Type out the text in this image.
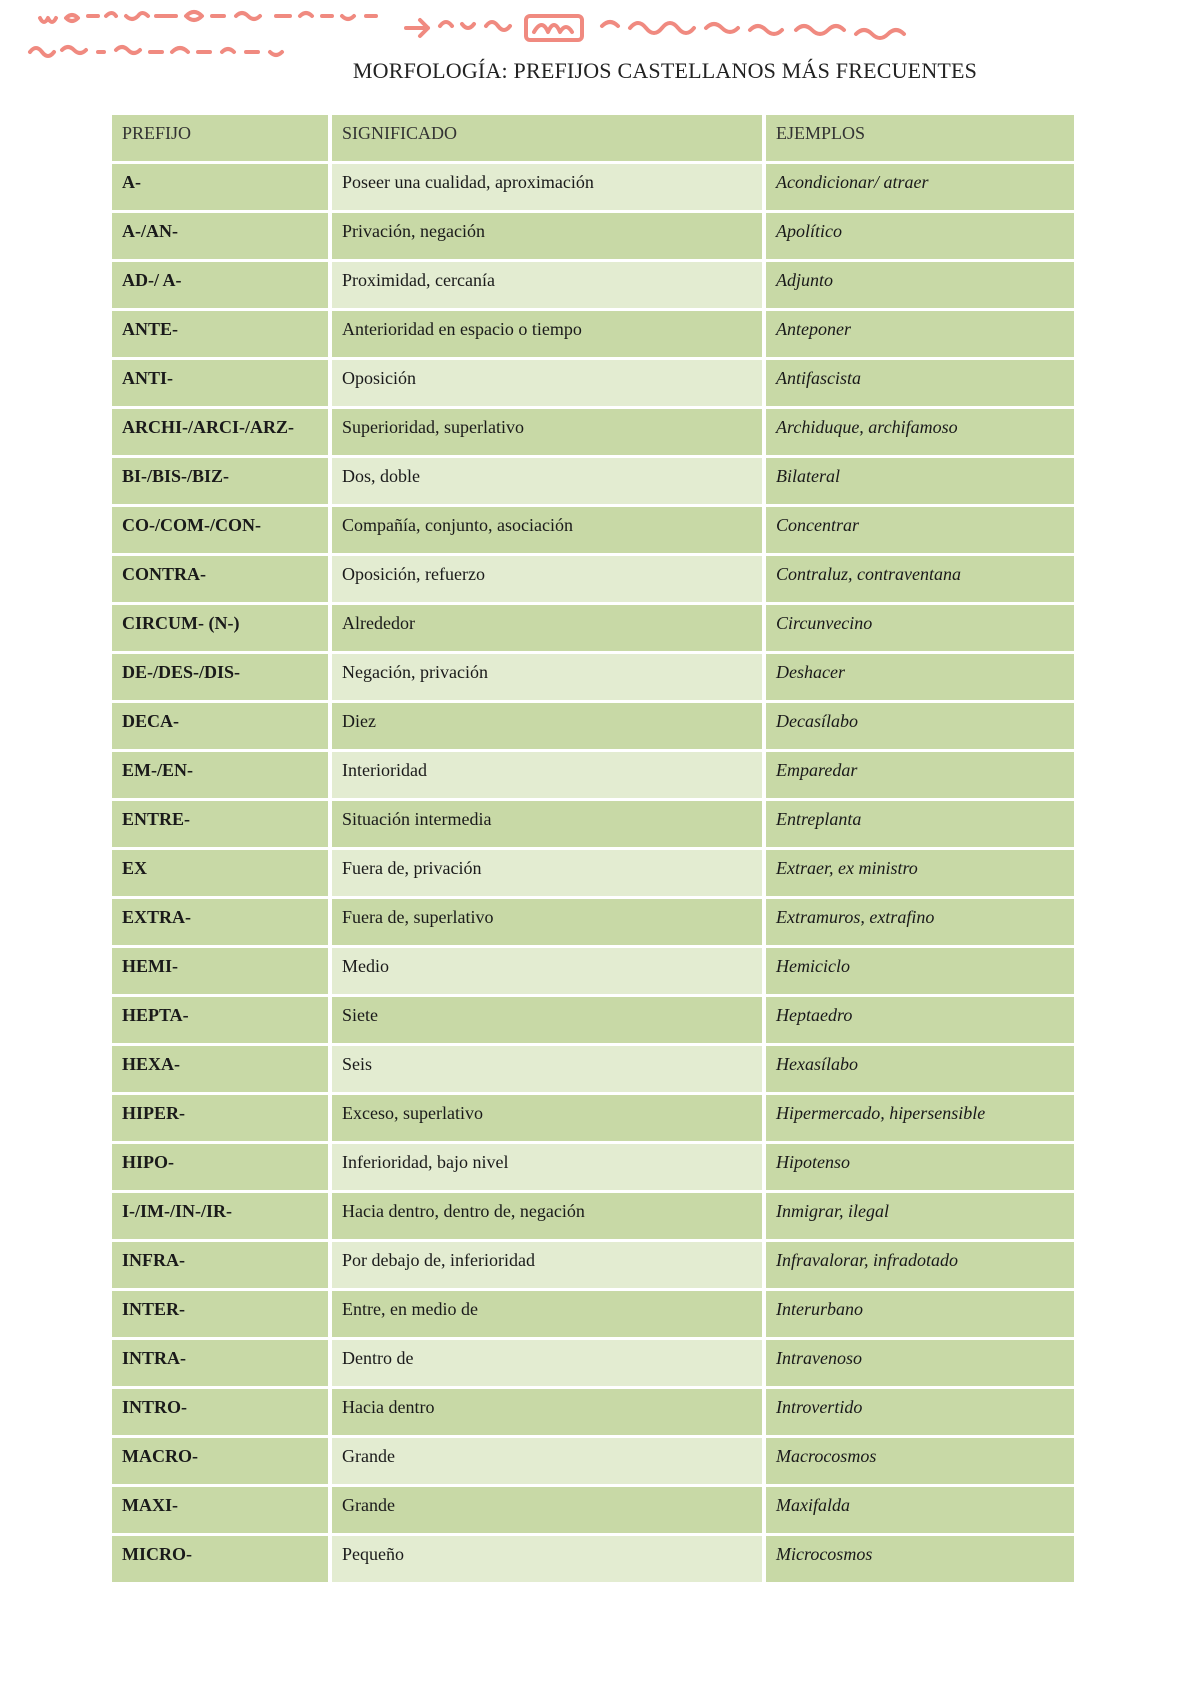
MORFOLOGÍA: PREFIJOS CASTELLANOS MÁS FRECUENTES
PREFIJO	SIGNIFICADO	EJEMPLOS
A-	Poseer una cualidad, aproximación	Acondicionar/ atraer
A-/AN-	Privación, negación	Apolítico
AD-/ A-	Proximidad, cercanía	Adjunto
ANTE-	Anterioridad en espacio o tiempo	Anteponer
ANTI-	Oposición	Antifascista
ARCHI-/ARCI-/ARZ-	Superioridad, superlativo	Archiduque, archifamoso
BI-/BIS-/BIZ-	Dos, doble	Bilateral
CO-/COM-/CON-	Compañía, conjunto, asociación	Concentrar
CONTRA-	Oposición, refuerzo	Contraluz, contraventana
CIRCUM- (N-)	Alrededor	Circunvecino
DE-/DES-/DIS-	Negación, privación	Deshacer
DECA-	Diez	Decasílabo
EM-/EN-	Interioridad	Emparedar
ENTRE-	Situación intermedia	Entreplanta
EX	Fuera de, privación	Extraer, ex ministro
EXTRA-	Fuera de, superlativo	Extramuros, extrafino
HEMI-	Medio	Hemiciclo
HEPTA-	Siete	Heptaedro
HEXA-	Seis	Hexasílabo
HIPER-	Exceso, superlativo	Hipermercado, hipersensible
HIPO-	Inferioridad, bajo nivel	Hipotenso
I-/IM-/IN-/IR-	Hacia dentro, dentro de, negación	Inmigrar, ilegal
INFRA-	Por debajo de, inferioridad	Infravalorar, infradotado
INTER-	Entre, en medio de	Interurbano
INTRA-	Dentro de	Intravenoso
INTRO-	Hacia dentro	Introvertido
MACRO-	Grande	Macrocosmos
MAXI-	Grande	Maxifalda
MICRO-	Pequeño	Microcosmos
